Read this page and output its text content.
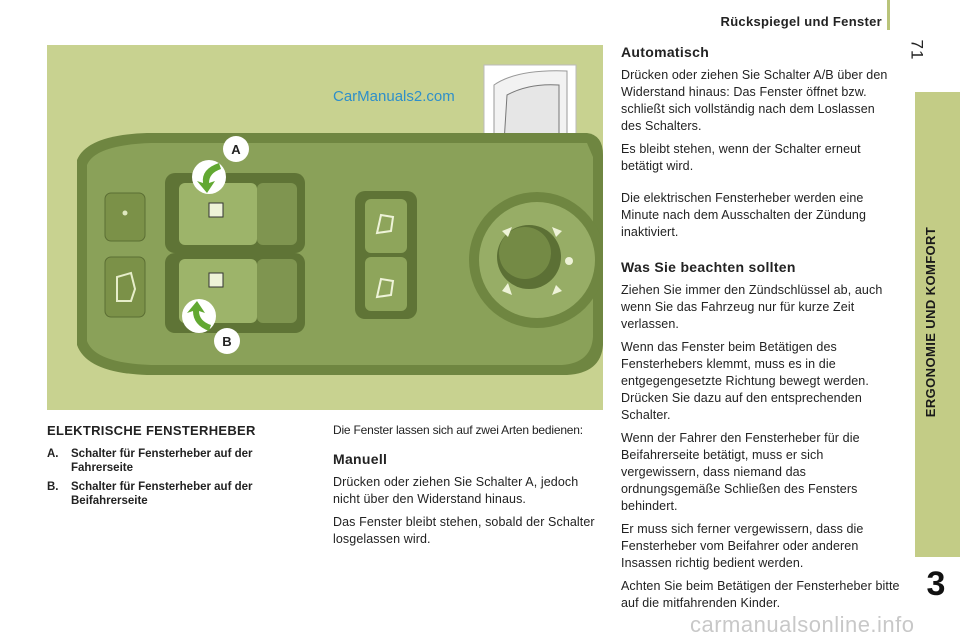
Rückspiegel und Fenster
71
ERGONOMIE UND KOMFORT
3
A
B
CarManuals2.com
ELEKTRISCHE FENSTERHEBER
A. Schalter für Fensterheber auf der Fahrerseite
B. Schalter für Fensterheber auf der Beifahrerseite
Die Fenster lassen sich auf zwei Arten bedienen:
Manuell

Drücken oder ziehen Sie Schalter A, jedoch nicht über den Widerstand hinaus.

Das Fenster bleibt stehen, sobald der Schalter losgelassen wird.

Automatisch

Drücken oder ziehen Sie Schalter A/B über den Widerstand hinaus: Das Fenster öffnet bzw. schließt sich vollständig nach dem Loslassen des Schalters.

Es bleibt stehen, wenn der Schalter erneut betätigt wird.

Die elektrischen Fensterheber werden eine Minute nach dem Ausschalten der Zündung inaktiviert.

Was Sie beachten sollten

Ziehen Sie immer den Zündschlüssel ab, auch wenn Sie das Fahrzeug nur für kurze Zeit verlassen.

Wenn das Fenster beim Betätigen des Fensterhebers klemmt, muss es in die entgegengesetzte Richtung bewegt werden. Drücken Sie dazu auf den entsprechenden Schalter.

Wenn der Fahrer den Fensterheber für die Beifahrerseite betätigt, muss er sich vergewissern, dass niemand das ordnungsgemäße Schließen des Fensters behindert.

Er muss sich ferner vergewissern, dass die Fensterheber vom Beifahrer oder anderen Insassen richtig bedient werden.

Achten Sie beim Betätigen der Fensterheber bitte auf die mitfahrenden Kinder.

carmanualsonline.info
